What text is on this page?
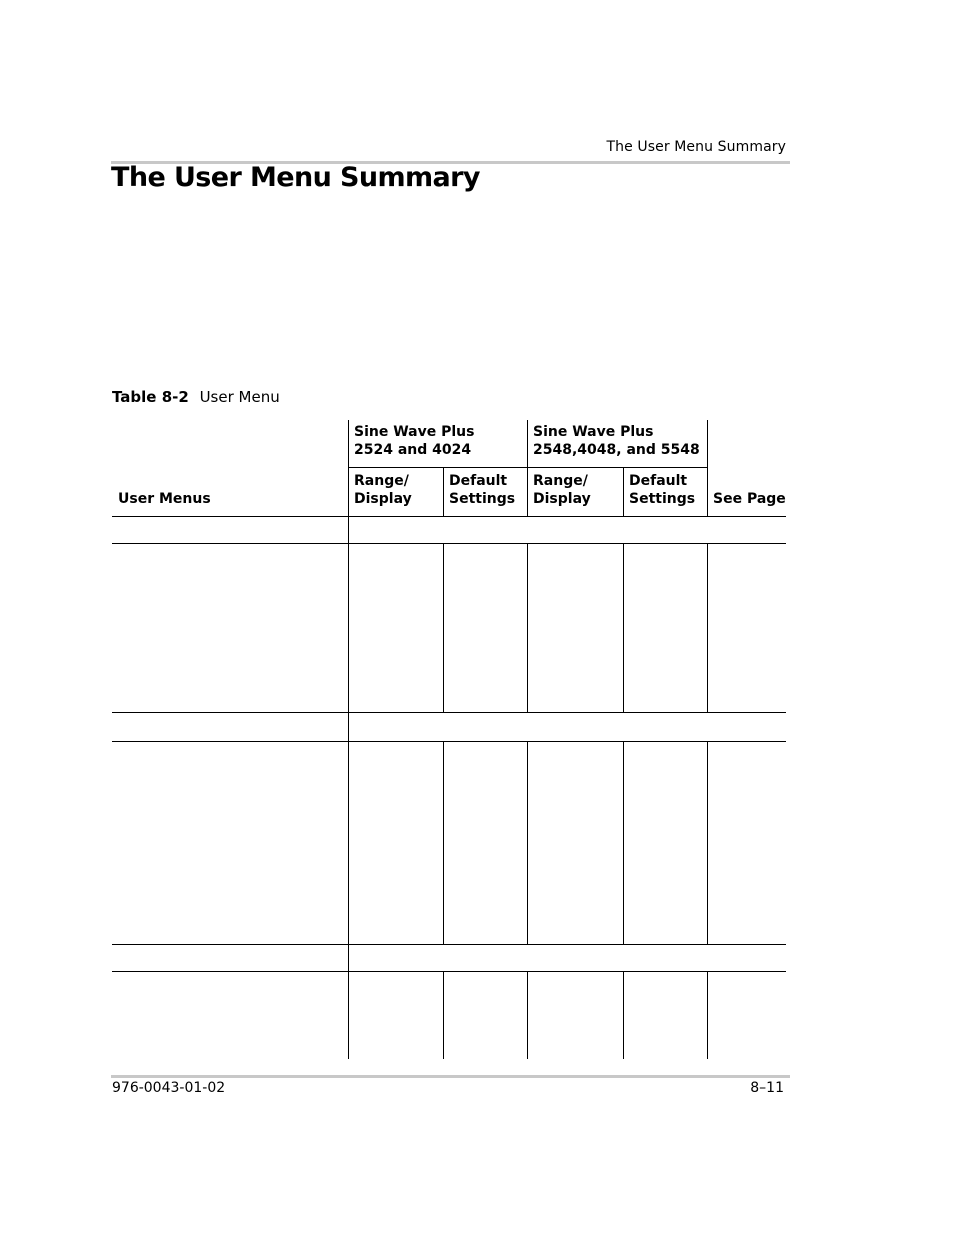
The User Menu Summary
The User Menu Summary
Table 8-2 User Menu
Sine Wave Plus
2524 and 4024
Sine Wave Plus
2548,4048, and 5548
User Menus
Range/
Display
Default
Settings
Range/
Display
Default
Settings See Page
976-0043-01-02	8–11
